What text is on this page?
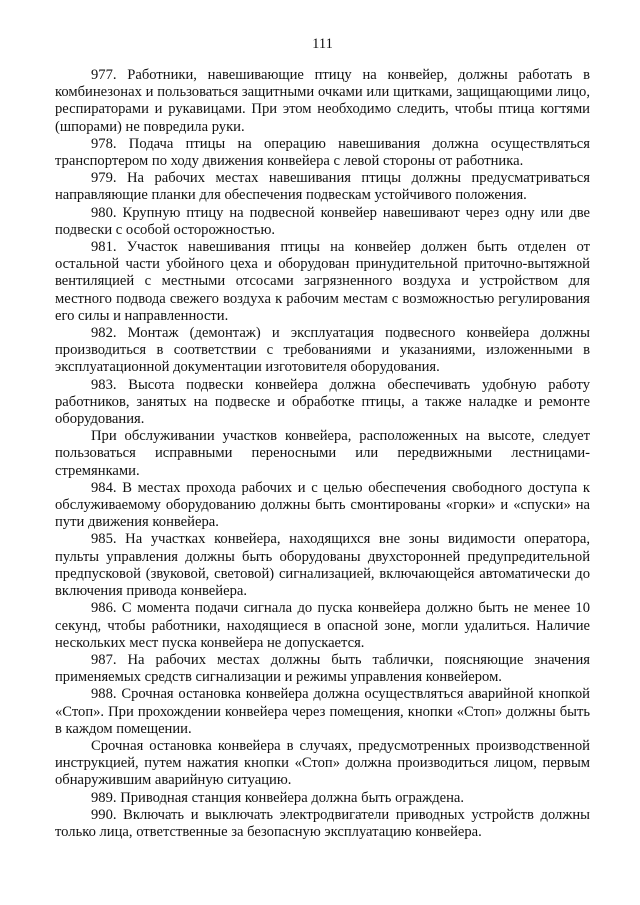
111

977. Работники, навешивающие птицу на конвейер, должны работать в комбинезонах и пользоваться защитными очками или щитками, защищающими лицо, респираторами и рукавицами. При этом необходимо следить, чтобы птица когтями (шпорами) не повредила руки.

978. Подача птицы на операцию навешивания должна осуществляться транспортером по ходу движения конвейера с левой стороны от работника.

979. На рабочих местах навешивания птицы должны предусматриваться направляющие планки для обеспечения подвескам устойчивого положения.

980. Крупную птицу на подвесной конвейер навешивают через одну или две подвески с особой осторожностью.

981. Участок навешивания птицы на конвейер должен быть отделен от остальной части убойного цеха и оборудован принудительной приточно-вытяжной вентиляцией с местными отсосами загрязненного воздуха и устройством для местного подвода свежего воздуха к рабочим местам с возможностью регулирования его силы и направленности.

982. Монтаж (демонтаж) и эксплуатация подвесного конвейера должны производиться в соответствии с требованиями и указаниями, изложенными в эксплуатационной документации изготовителя оборудования.

983. Высота подвески конвейера должна обеспечивать удобную работу работников, занятых на подвеске и обработке птицы, а также наладке и ремонте оборудования.

При обслуживании участков конвейера, расположенных на высоте, следует пользоваться исправными переносными или передвижными лестницами-стремянками.

984. В местах прохода рабочих и с целью обеспечения свободного доступа к обслуживаемому оборудованию должны быть смонтированы «горки» и «спуски» на пути движения конвейера.

985. На участках конвейера, находящихся вне зоны видимости оператора, пульты управления должны быть оборудованы двухсторонней предупредительной предпусковой (звуковой, световой) сигнализацией, включающейся автоматически до включения привода конвейера.

986. С момента подачи сигнала до пуска конвейера должно быть не менее 10 секунд, чтобы работники, находящиеся в опасной зоне, могли удалиться. Наличие нескольких мест пуска конвейера не допускается.

987. На рабочих местах должны быть таблички, поясняющие значения применяемых средств сигнализации и режимы управления конвейером.

988. Срочная остановка конвейера должна осуществляться аварийной кнопкой «Стоп». При прохождении конвейера через помещения, кнопки «Стоп» должны быть в каждом помещении.

Срочная остановка конвейера в случаях, предусмотренных производственной инструкцией, путем нажатия кнопки «Стоп» должна производиться лицом, первым обнаружившим аварийную ситуацию.

989. Приводная станция конвейера должна быть ограждена.

990. Включать и выключать электродвигатели приводных устройств должны только лица, ответственные за безопасную эксплуатацию конвейера.
